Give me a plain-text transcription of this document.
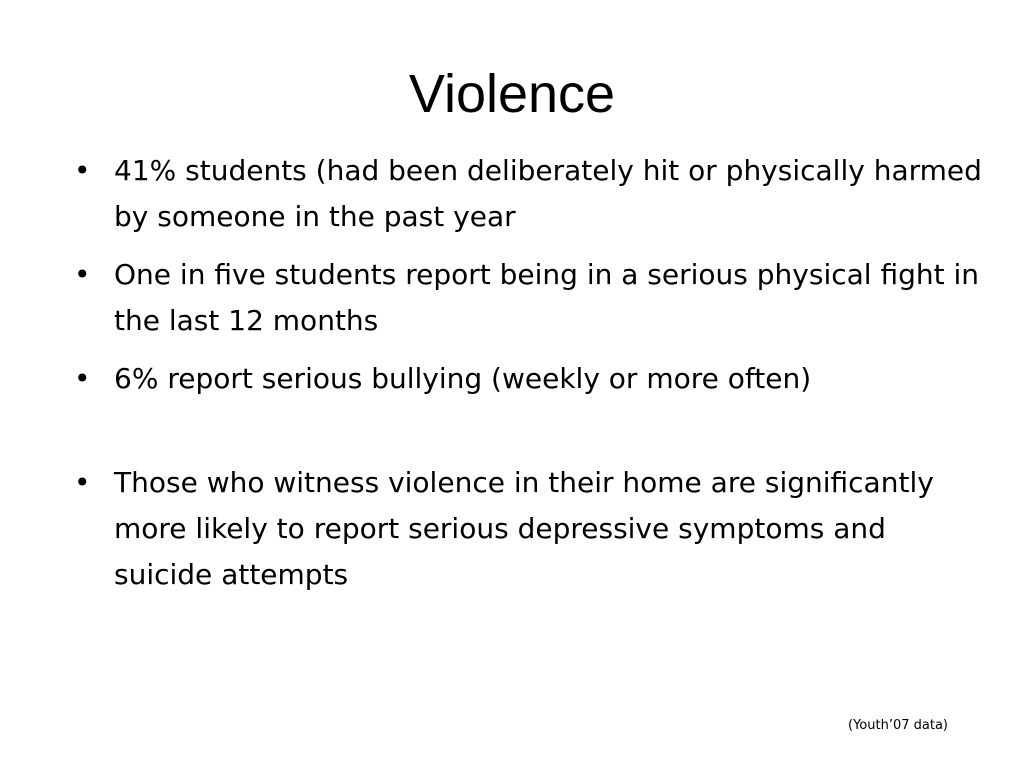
Violence
• 41% students (had been deliberately hit or physically harmed by someone in the past year
• One in five students report being in a serious physical fight in the last 12 months
• 6% report serious bullying (weekly or more often)
• Those who witness violence in their home are significantly more likely to report serious depressive symptoms and suicide attempts

(Youth’07 data)
